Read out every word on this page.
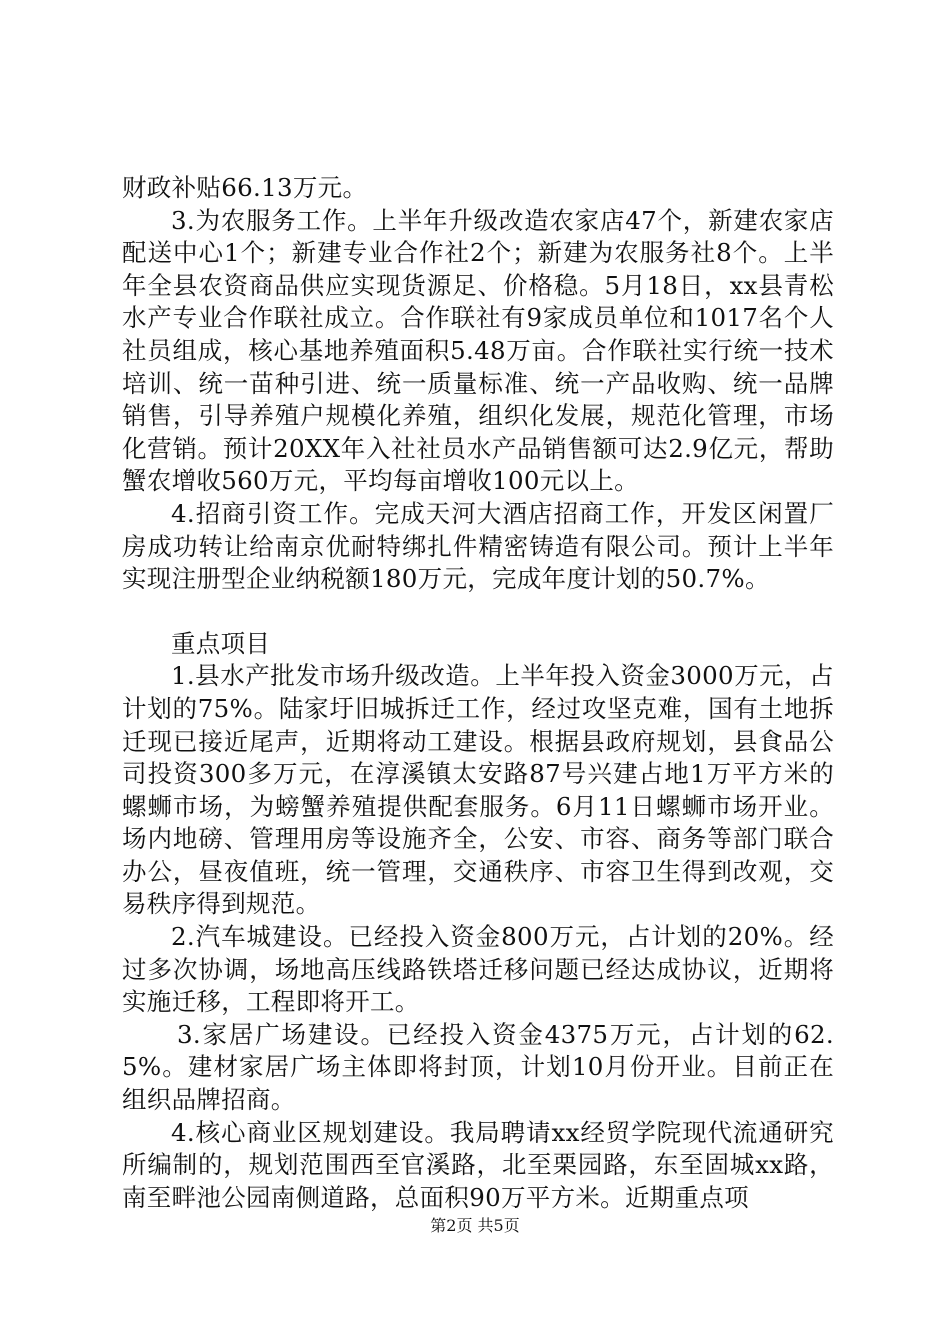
财政补贴66.13万元。

3.为农服务工作。上半年升级改造农家店47个，新建农家店配送中心1个；新建专业合作社2个；新建为农服务社8个。上半年全县农资商品供应实现货源足、价格稳。5月18日，xx县青松水产专业合作联社成立。合作联社有9家成员单位和1017名个人社员组成，核心基地养殖面积5.48万亩。合作联社实行统一技术培训、统一苗种引进、统一质量标准、统一产品收购、统一品牌销售，引导养殖户规模化养殖，组织化发展，规范化管理，市场化营销。预计20XX年入社社员水产品销售额可达2.9亿元，帮助蟹农增收560万元，平均每亩增收100元以上。

4.招商引资工作。完成天河大酒店招商工作，开发区闲置厂房成功转让给南京优耐特绑扎件精密铸造有限公司。预计上半年实现注册型企业纳税额180万元，完成年度计划的50.7%。

重点项目

1.县水产批发市场升级改造。上半年投入资金3000万元，占计划的75%。陆家圩旧城拆迁工作，经过攻坚克难，国有土地拆迁现已接近尾声，近期将动工建设。根据县政府规划，县食品公司投资300多万元，在淳溪镇太安路87号兴建占地1万平方米的螺蛳市场，为螃蟹养殖提供配套服务。6月11日螺蛳市场开业。场内地磅、管理用房等设施齐全，公安、市容、商务等部门联合办公，昼夜值班，统一管理，交通秩序、市容卫生得到改观，交易秩序得到规范。

2.汽车城建设。已经投入资金800万元，占计划的20%。经过多次协调，场地高压线路铁塔迁移问题已经达成协议，近期将实施迁移，工程即将开工。

3.家居广场建设。已经投入资金4375万元，占计划的62.5%。建材家居广场主体即将封顶，计划10月份开业。目前正在组织品牌招商。

4.核心商业区规划建设。我局聘请xx经贸学院现代流通研究所编制的，规划范围西至官溪路，北至栗园路，东至固城xx路，南至畔池公园南侧道路，总面积90万平方米。近期重点项

第2页 共5页
